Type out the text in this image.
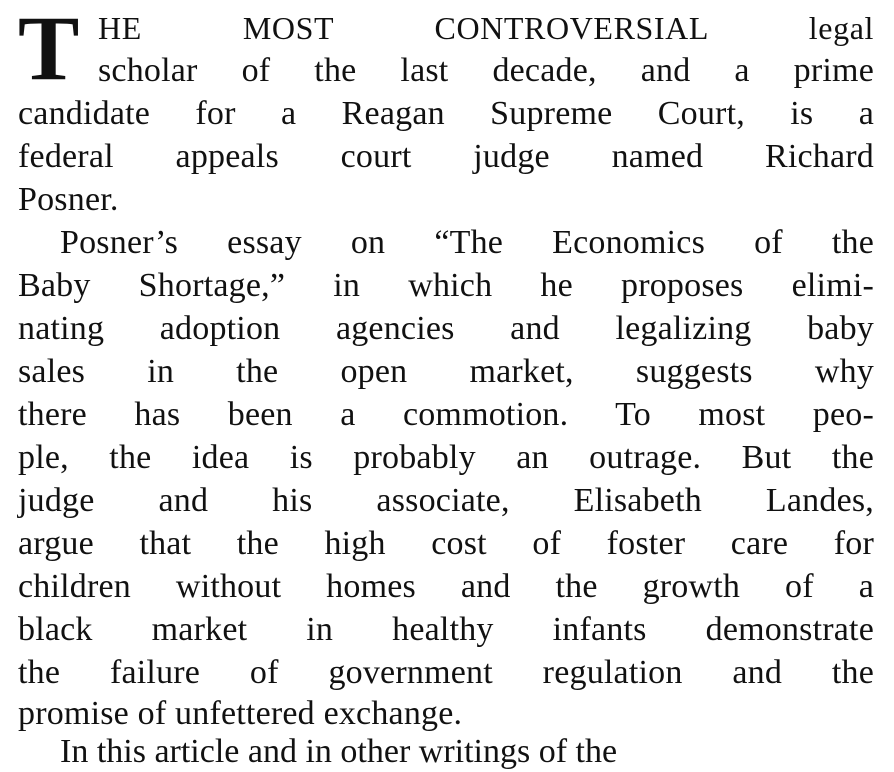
T HE MOST CONTROVERSIAL legal
scholar of the last decade, and a prime
candidate for a Reagan Supreme Court, is a
federal appeals court judge named Richard
Posner.
Posner’s essay on “The Economics of the
Baby Shortage,” in which he proposes elimi-
nating adoption agencies and legalizing baby
sales in the open market, suggests why
there has been a commotion. To most peo-
ple, the idea is probably an outrage. But the
judge and his associate, Elisabeth Landes,
argue that the high cost of foster care for
children without homes and the growth of a
black market in healthy infants demonstrate
the failure of government regulation and the
promise of unfettered exchange.
In this article and in other writings of the
